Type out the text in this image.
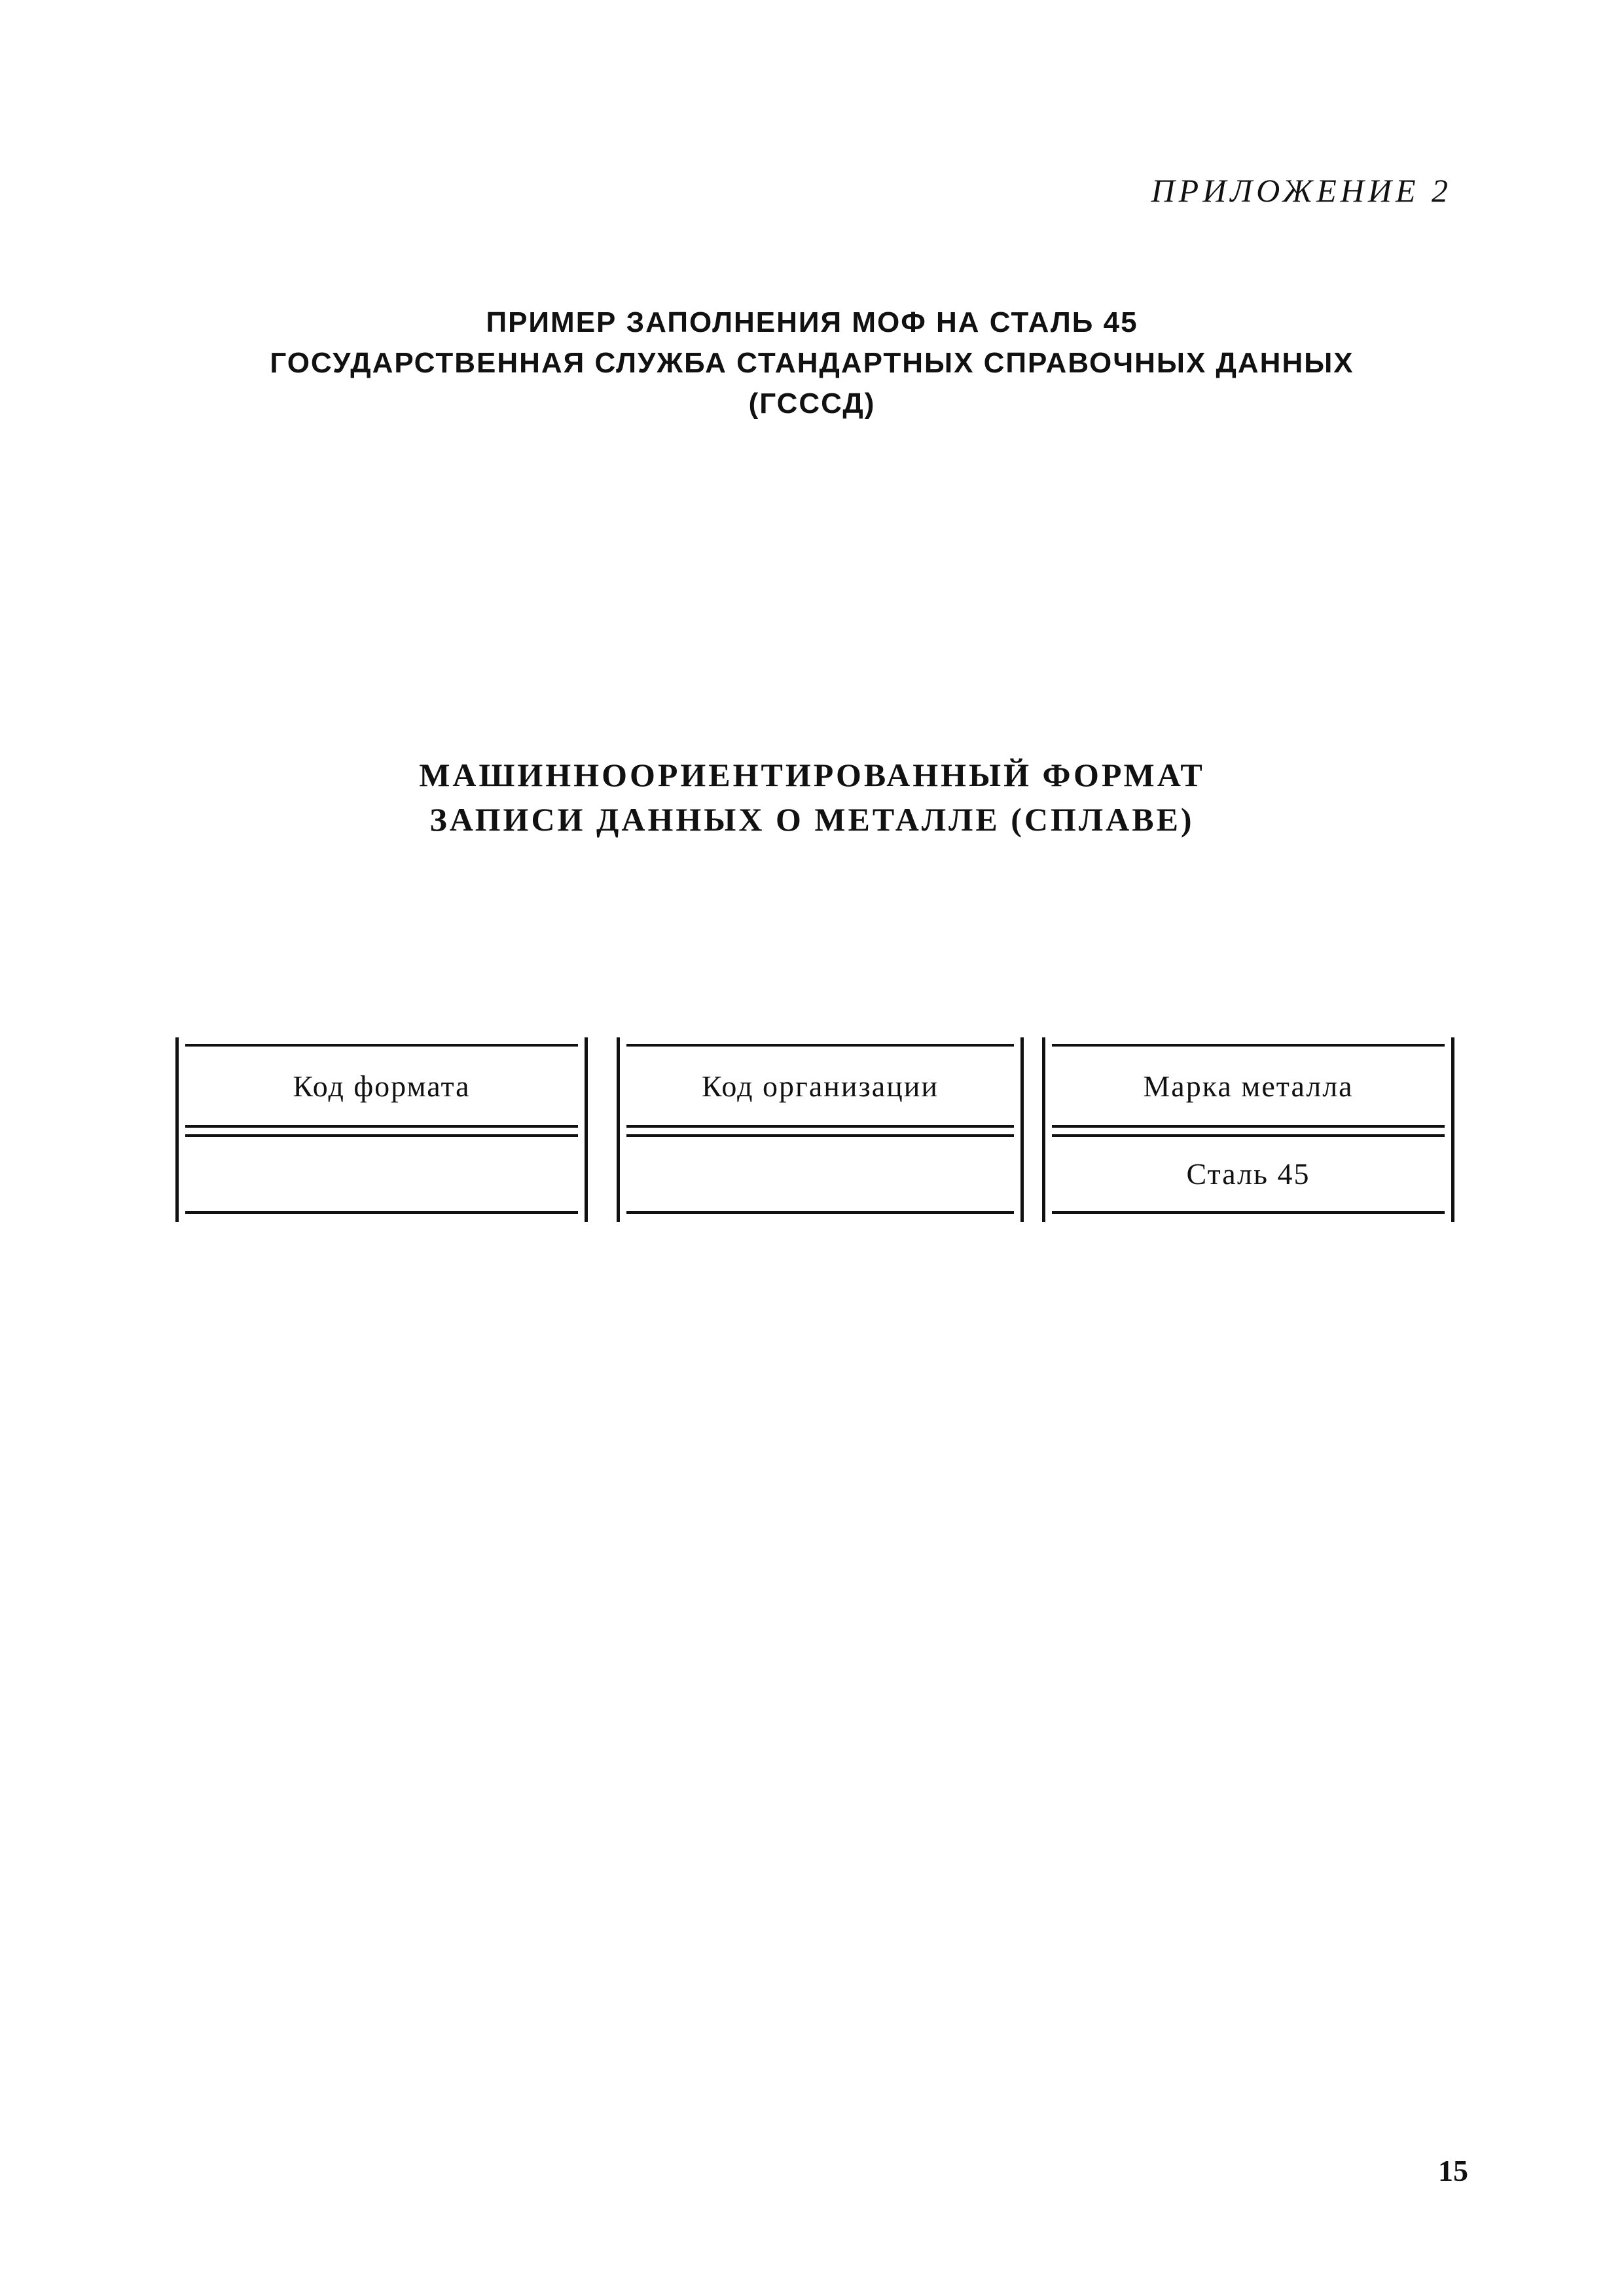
ПРИЛОЖЕНИЕ 2
ПРИМЕР ЗАПОЛНЕНИЯ МОФ НА СТАЛЬ 45
ГОСУДАРСТВЕННАЯ СЛУЖБА СТАНДАРТНЫХ СПРАВОЧНЫХ ДАННЫХ
(ГСССД)
МАШИННООРИЕНТИРОВАННЫЙ ФОРМАТ
ЗАПИСИ ДАННЫХ О МЕТАЛЛЕ (СПЛАВЕ)
Код формата	Код организации	Марка металла
Сталь 45
15
